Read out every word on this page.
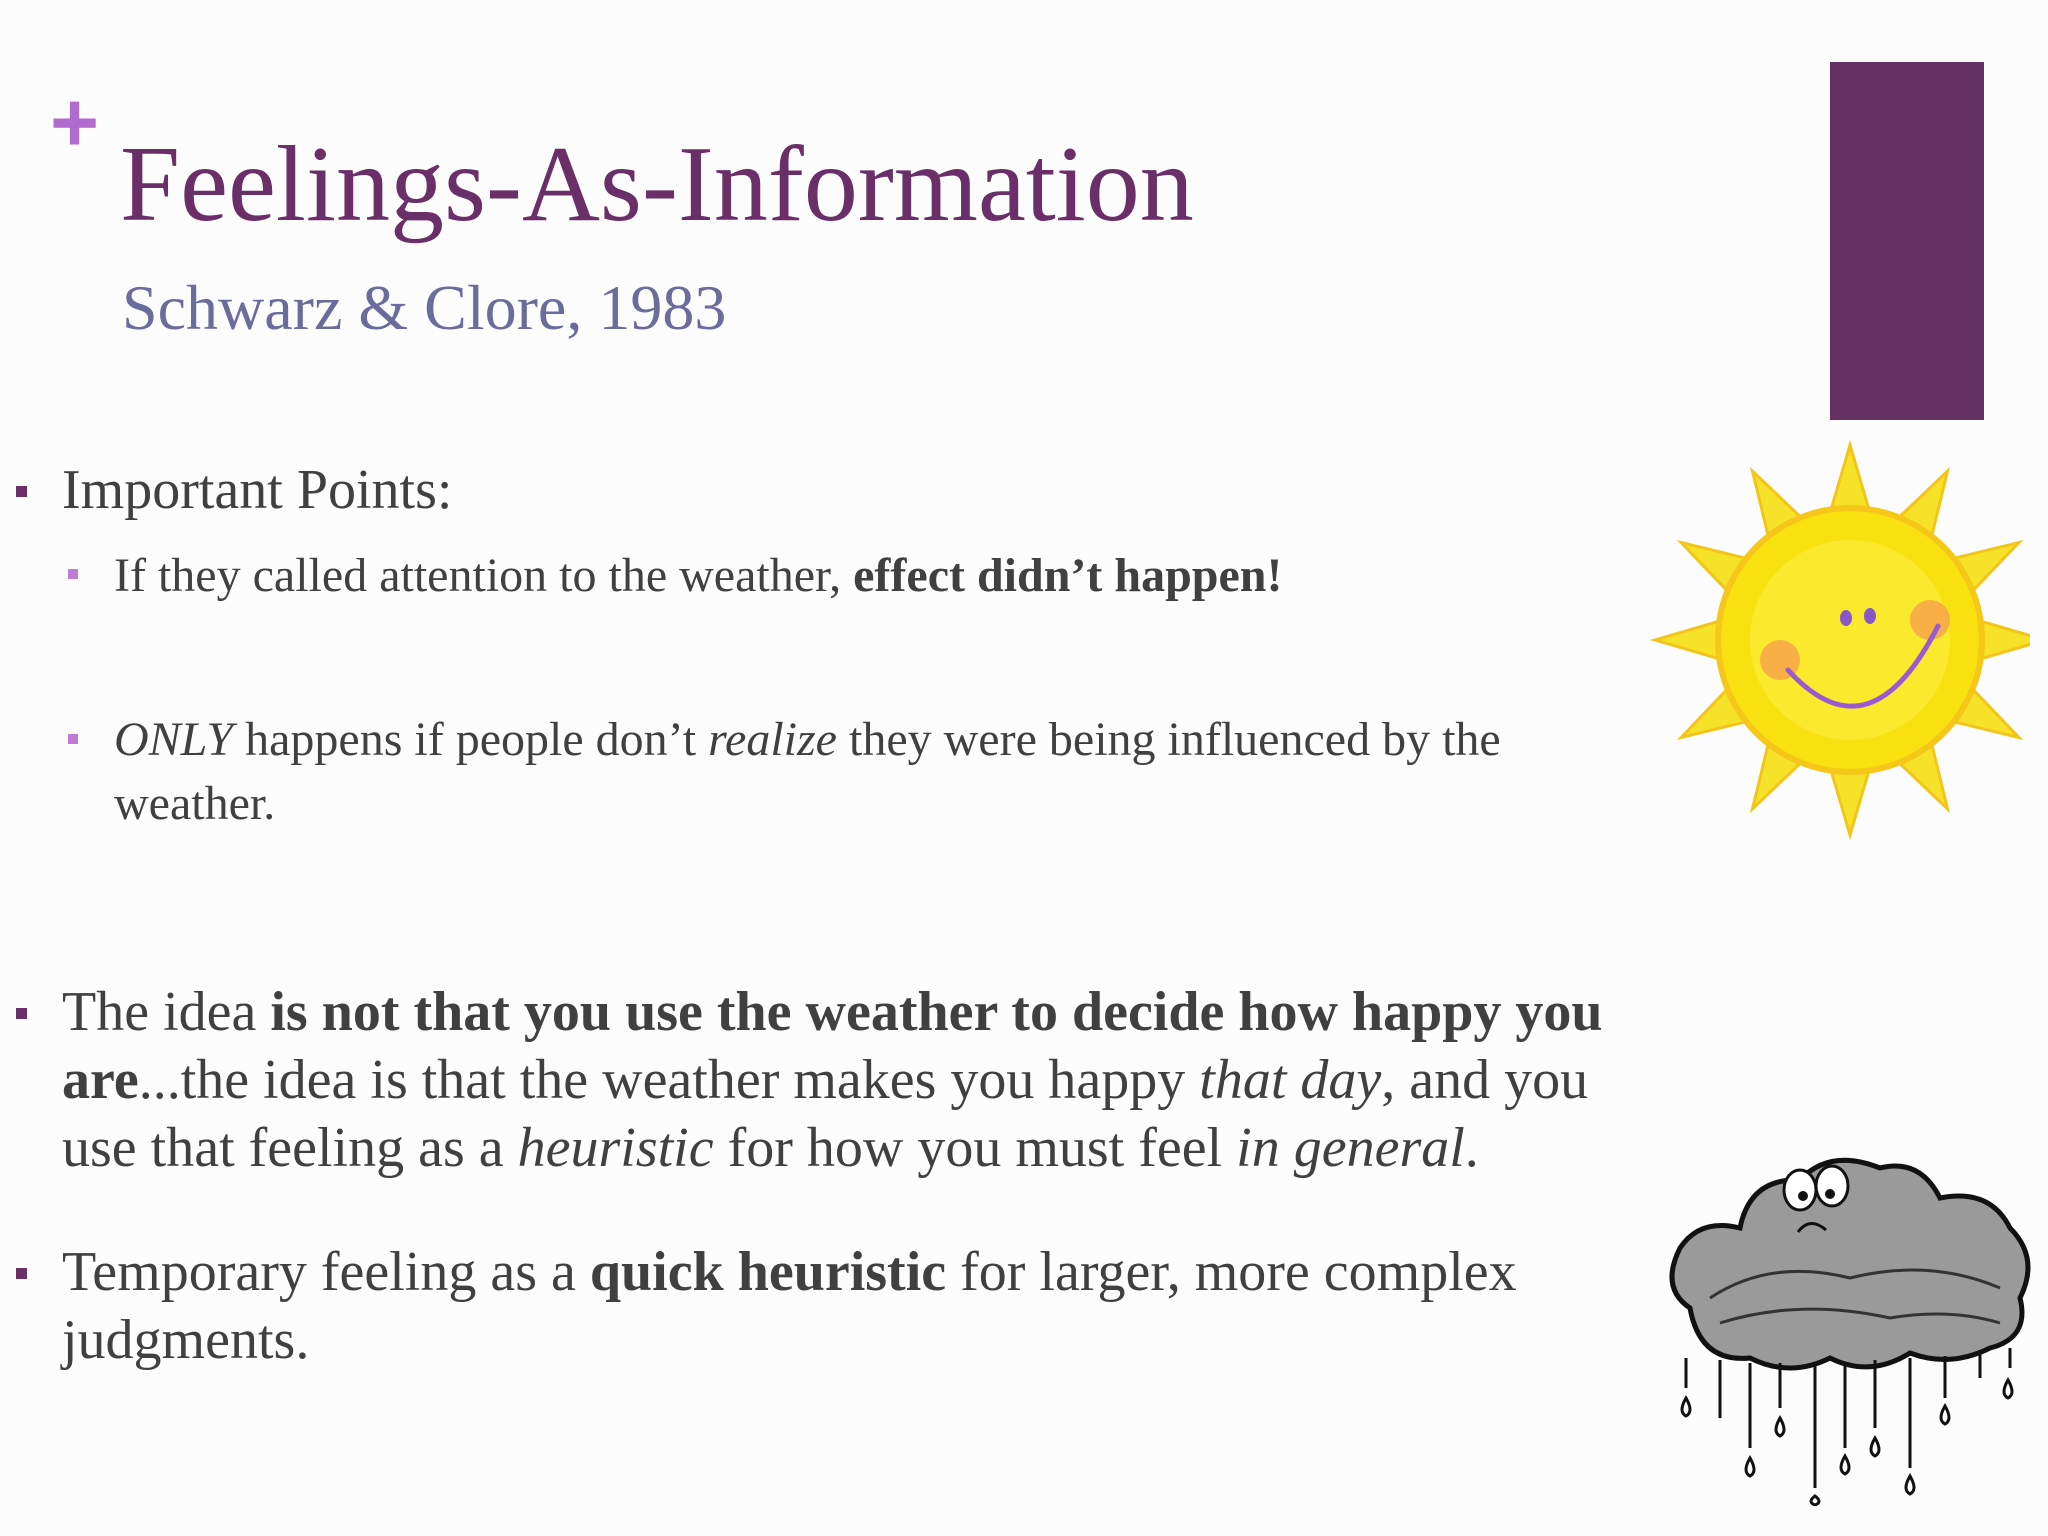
+
Feelings-As-Information
Schwarz & Clore, 1983

Important Points:

If they called attention to the weather, effect didn’t happen!

ONLY happens if people don’t realize they were being influenced by the

weather.

The idea is not that you use the weather to decide how happy you

are...the idea is that the weather makes you happy that day, and you

use that feeling as a heuristic for how you must feel in general.

Temporary feeling as a quick heuristic for larger, more complex

judgments.
